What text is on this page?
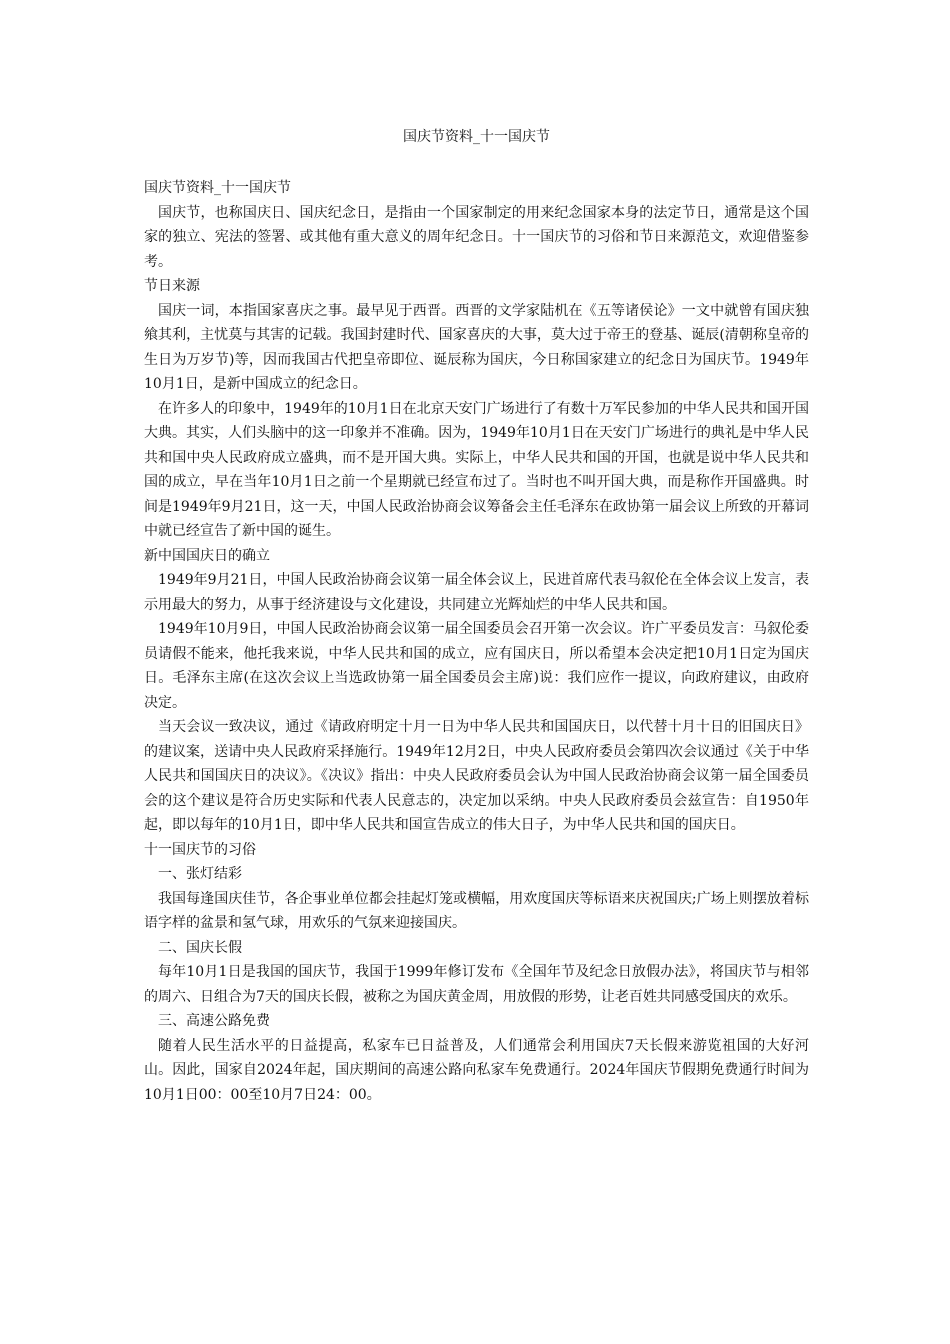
国庆节资料_十一国庆节

国庆节资料_十一国庆节

国庆节，也称国庆日、国庆纪念日，是指由一个国家制定的用来纪念国家本身的法定节日，通常是这个国家的独立、宪法的签署、或其他有重大意义的周年纪念日。十一国庆节的习俗和节日来源范文，欢迎借鉴参考。

节日来源

国庆一词，本指国家喜庆之事。最早见于西晋。西晋的文学家陆机在《五等诸侯论》一文中就曾有国庆独飨其利，主忧莫与其害的记载。我国封建时代、国家喜庆的大事，莫大过于帝王的登基、诞辰(清朝称皇帝的生日为万岁节)等，因而我国古代把皇帝即位、诞辰称为国庆，今日称国家建立的纪念日为国庆节。1949年10月1日，是新中国成立的纪念日。

在许多人的印象中，1949年的10月1日在北京天安门广场进行了有数十万军民参加的中华人民共和国开国大典。其实，人们头脑中的这一印象并不准确。因为，1949年10月1日在天安门广场进行的典礼是中华人民共和国中央人民政府成立盛典，而不是开国大典。实际上，中华人民共和国的开国，也就是说中华人民共和国的成立，早在当年10月1日之前一个星期就已经宣布过了。当时也不叫开国大典，而是称作开国盛典。时间是1949年9月21日，这一天，中国人民政治协商会议筹备会主任毛泽东在政协第一届会议上所致的开幕词中就已经宣告了新中国的诞生。

新中国国庆日的确立

1949年9月21日，中国人民政治协商会议第一届全体会议上，民进首席代表马叙伦在全体会议上发言，表示用最大的努力，从事于经济建设与文化建设，共同建立光辉灿烂的中华人民共和国。

1949年10月9日，中国人民政治协商会议第一届全国委员会召开第一次会议。许广平委员发言：马叙伦委员请假不能来，他托我来说，中华人民共和国的成立，应有国庆日，所以希望本会决定把10月1日定为国庆日。毛泽东主席(在这次会议上当选政协第一届全国委员会主席)说：我们应作一提议，向政府建议，由政府决定。

当天会议一致决议，通过《请政府明定十月一日为中华人民共和国国庆日，以代替十月十日的旧国庆日》的建议案，送请中央人民政府采择施行。1949年12月2日，中央人民政府委员会第四次会议通过《关于中华人民共和国国庆日的决议》。《决议》指出：中央人民政府委员会认为中国人民政治协商会议第一届全国委员会的这个建议是符合历史实际和代表人民意志的，决定加以采纳。中央人民政府委员会兹宣告：自1950年起，即以每年的10月1日，即中华人民共和国宣告成立的伟大日子，为中华人民共和国的国庆日。

十一国庆节的习俗

一、张灯结彩

我国每逢国庆佳节，各企事业单位都会挂起灯笼或横幅，用欢度国庆等标语来庆祝国庆;广场上则摆放着标语字样的盆景和氢气球，用欢乐的气氛来迎接国庆。

二、国庆长假

每年10月1日是我国的国庆节，我国于1999年修订发布《全国年节及纪念日放假办法》，将国庆节与相邻的周六、日组合为7天的国庆长假，被称之为国庆黄金周，用放假的形势，让老百姓共同感受国庆的欢乐。

三、高速公路免费

随着人民生活水平的日益提高，私家车已日益普及，人们通常会利用国庆7天长假来游览祖国的大好河山。因此，国家自2024年起，国庆期间的高速公路向私家车免费通行。2024年国庆节假期免费通行时间为10月1日00：00至10月7日24：00。
